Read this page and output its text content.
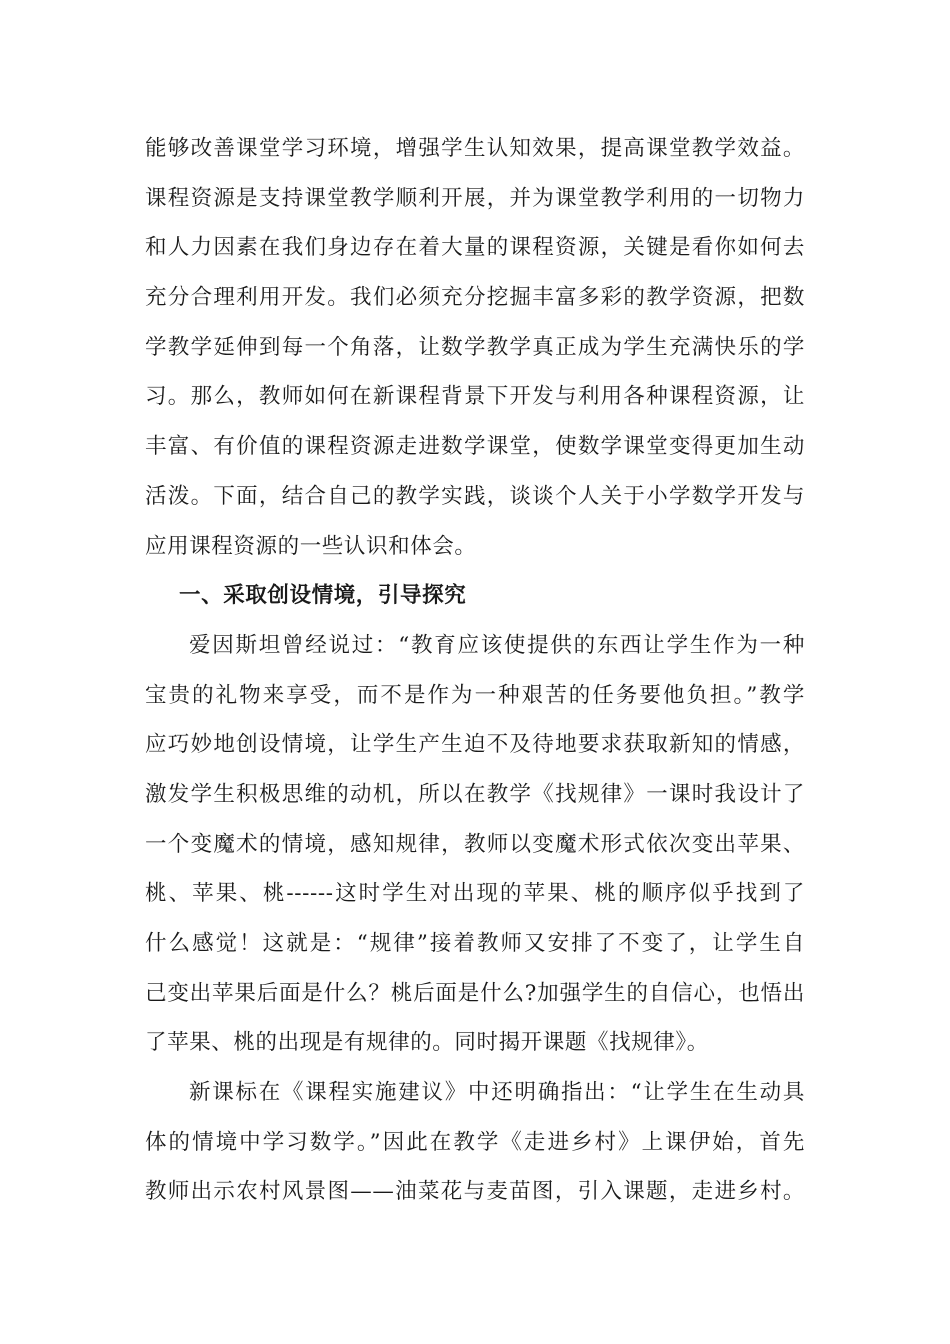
能够改善课堂学习环境，增强学生认知效果，提高课堂教学效益。
课程资源是支持课堂教学顺利开展，并为课堂教学利用的一切物力
和人力因素在我们身边存在着大量的课程资源，关键是看你如何去
充分合理利用开发。我们必须充分挖掘丰富多彩的教学资源，把数
学教学延伸到每一个角落，让数学教学真正成为学生充满快乐的学
习。那么，教师如何在新课程背景下开发与利用各种课程资源，让
丰富、有价值的课程资源走进数学课堂，使数学课堂变得更加生动
活泼。下面，结合自己的教学实践，谈谈个人关于小学数学开发与
应用课程资源的一些认识和体会。
一、采取创设情境，引导探究
爱因斯坦曾经说过：“教育应该使提供的东西让学生作为一种
宝贵的礼物来享受，而不是作为一种艰苦的任务要他负担。”教学
应巧妙地创设情境，让学生产生迫不及待地要求获取新知的情感，
激发学生积极思维的动机，所以在教学《找规律》一课时我设计了
一个变魔术的情境，感知规律，教师以变魔术形式依次变出苹果、
桃、苹果、桃------这时学生对出现的苹果、桃的顺序似乎找到了
什么感觉！这就是：“规律”接着教师又安排了不变了，让学生自
己变出苹果后面是什么？桃后面是什么?加强学生的自信心，也悟出
了苹果、桃的出现是有规律的。同时揭开课题《找规律》。
新课标在《课程实施建议》中还明确指出：“让学生在生动具
体的情境中学习数学。”因此在教学《走进乡村》上课伊始，首先
教师出示农村风景图——油菜花与麦苗图，引入课题，走进乡村。
